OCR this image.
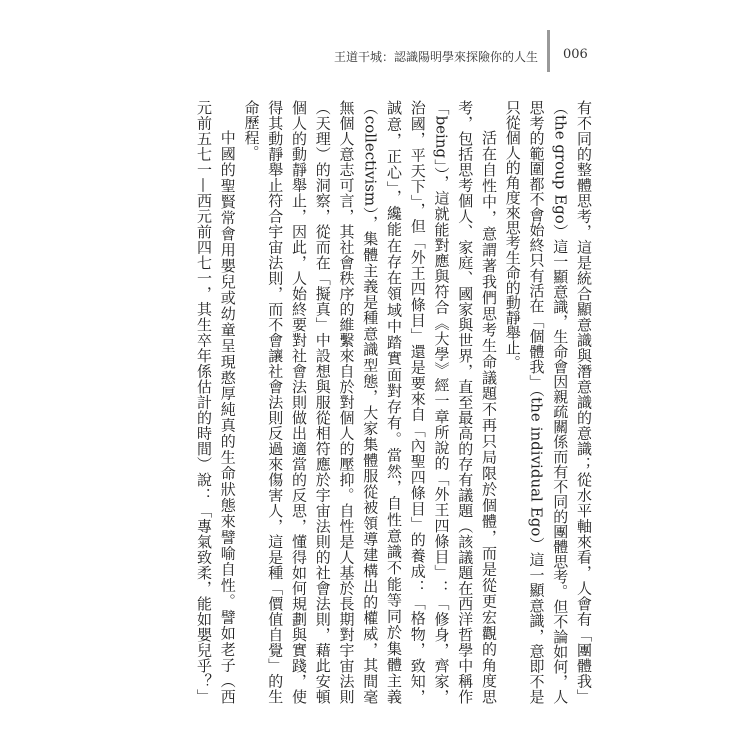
王道干城：認識陽明學來探險你的人生 006
有不同的整體思考，這是統合顯意識與潛意識的意識；從水平軸來看，人會有「團體我」
（the group Ego）這一顯意識，生命會因親疏關係而有不同的團體思考。但不論如何，人
思考的範圍都不會始終只有活在「個體我」（the individual Ego）這一顯意識，意即不是
只從個人的角度來思考生命的動靜舉止。
活在自性中，意謂著我們思考生命議題不再只局限於個體，而是從更宏觀的角度思
考，包括思考個人、家庭、國家與世界，直至最高的存有議題（該議題在西洋哲學中稱作
「being」），這就能對應與符合《大學》經一章所說的「外王四條目」：「修身，齊家，
治國，平天下」，但「外王四條目」還是要來自「內聖四條目」的養成：「格物，致知，
誠意，正心」，纔能在存在領域中踏實面對存有。當然，自性意識不能等同於集體主義
（collectivism），集體主義是種意識型態，大家集體服從被領導建構出的權威，其間毫
無個人意志可言，其社會秩序的維繫來自於對個人的壓抑。自性是人基於長期對宇宙法則
（天理）的洞察，從而在「擬真」中設想與服從相符應於宇宙法則的社會法則，藉此安頓
個人的動靜舉止，因此，人始終要對社會法則做出適當的反思，懂得如何規劃與實踐，使
得其動靜舉止符合宇宙法則，而不會讓社會法則反過來傷害人，這是種「價值自覺」的生
命歷程。
中國的聖賢常會用嬰兒或幼童呈現憨厚純真的生命狀態來譬喻自性。譬如老子（西
元前五七一—西元前四七一，其生卒年係估計的時間）說：「專氣致柔，能如嬰兒乎？」
